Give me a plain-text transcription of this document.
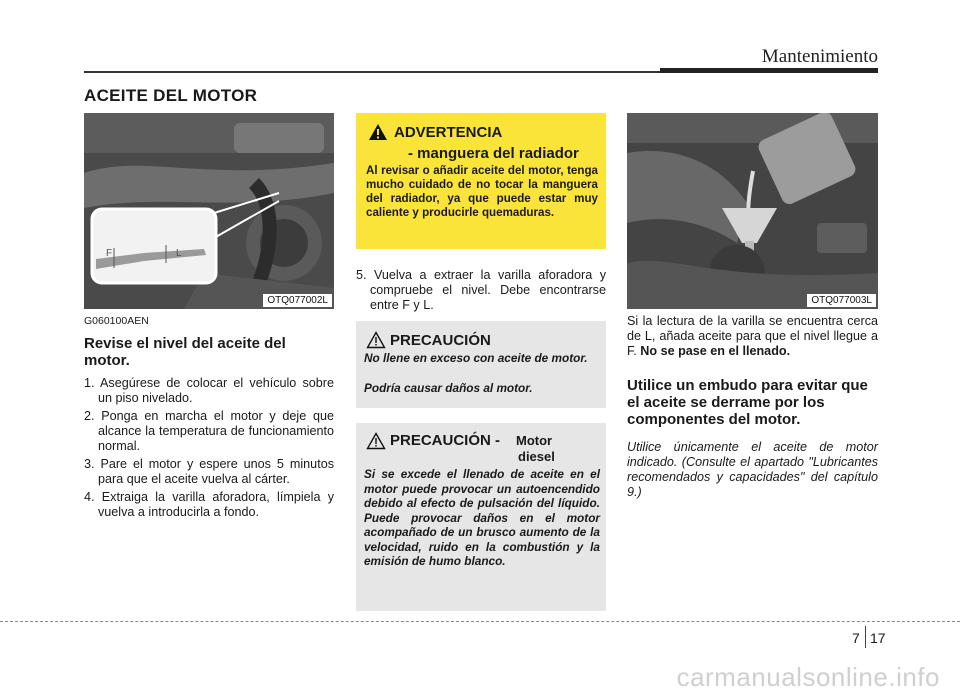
Mantenimiento
ACEITE DEL MOTOR
F	L
OTQ077002L
G060100AEN
Revise el nivel del aceite del motor.
1. Asegúrese de colocar el vehículo sobre un piso nivelado.
2. Ponga en marcha el motor y deje que alcance la temperatura de funcionamiento normal.
3. Pare el motor y espere unos 5 minutos para que el aceite vuelva al cárter.
4. Extraiga la varilla aforadora, límpiela y vuelva a introducirla a fondo.
ADVERTENCIA
- manguera del radiador
Al revisar o añadir aceite del motor, tenga mucho cuidado de no tocar la manguera del radiador, ya que puede estar muy caliente y producirle quemaduras.
5. Vuelva a extraer la varilla aforadora y compruebe el nivel. Debe encontrarse entre F y L.
PRECAUCIÓN
No llene en exceso con aceite de motor.
Podría causar daños al motor.
PRECAUCIÓN - Motor
diesel
Si se excede el llenado de aceite en el motor puede provocar un autoencendido debido al efecto de pulsación del líquido. Puede provocar daños en el motor acompañado de un brusco aumento de la velocidad, ruido en la combustión y la emisión de humo blanco.
OTQ077003L
Si la lectura de la varilla se encuentra cerca de L, añada aceite para que el nivel llegue a F. No se pase en el llenado.
Utilice un embudo para evitar que el aceite se derrame por los componentes del motor.
Utilice únicamente el aceite de motor indicado. (Consulte el apartado "Lubricantes recomendados y capacidades" del capítulo 9.)
7 17
carmanualsonline.info
